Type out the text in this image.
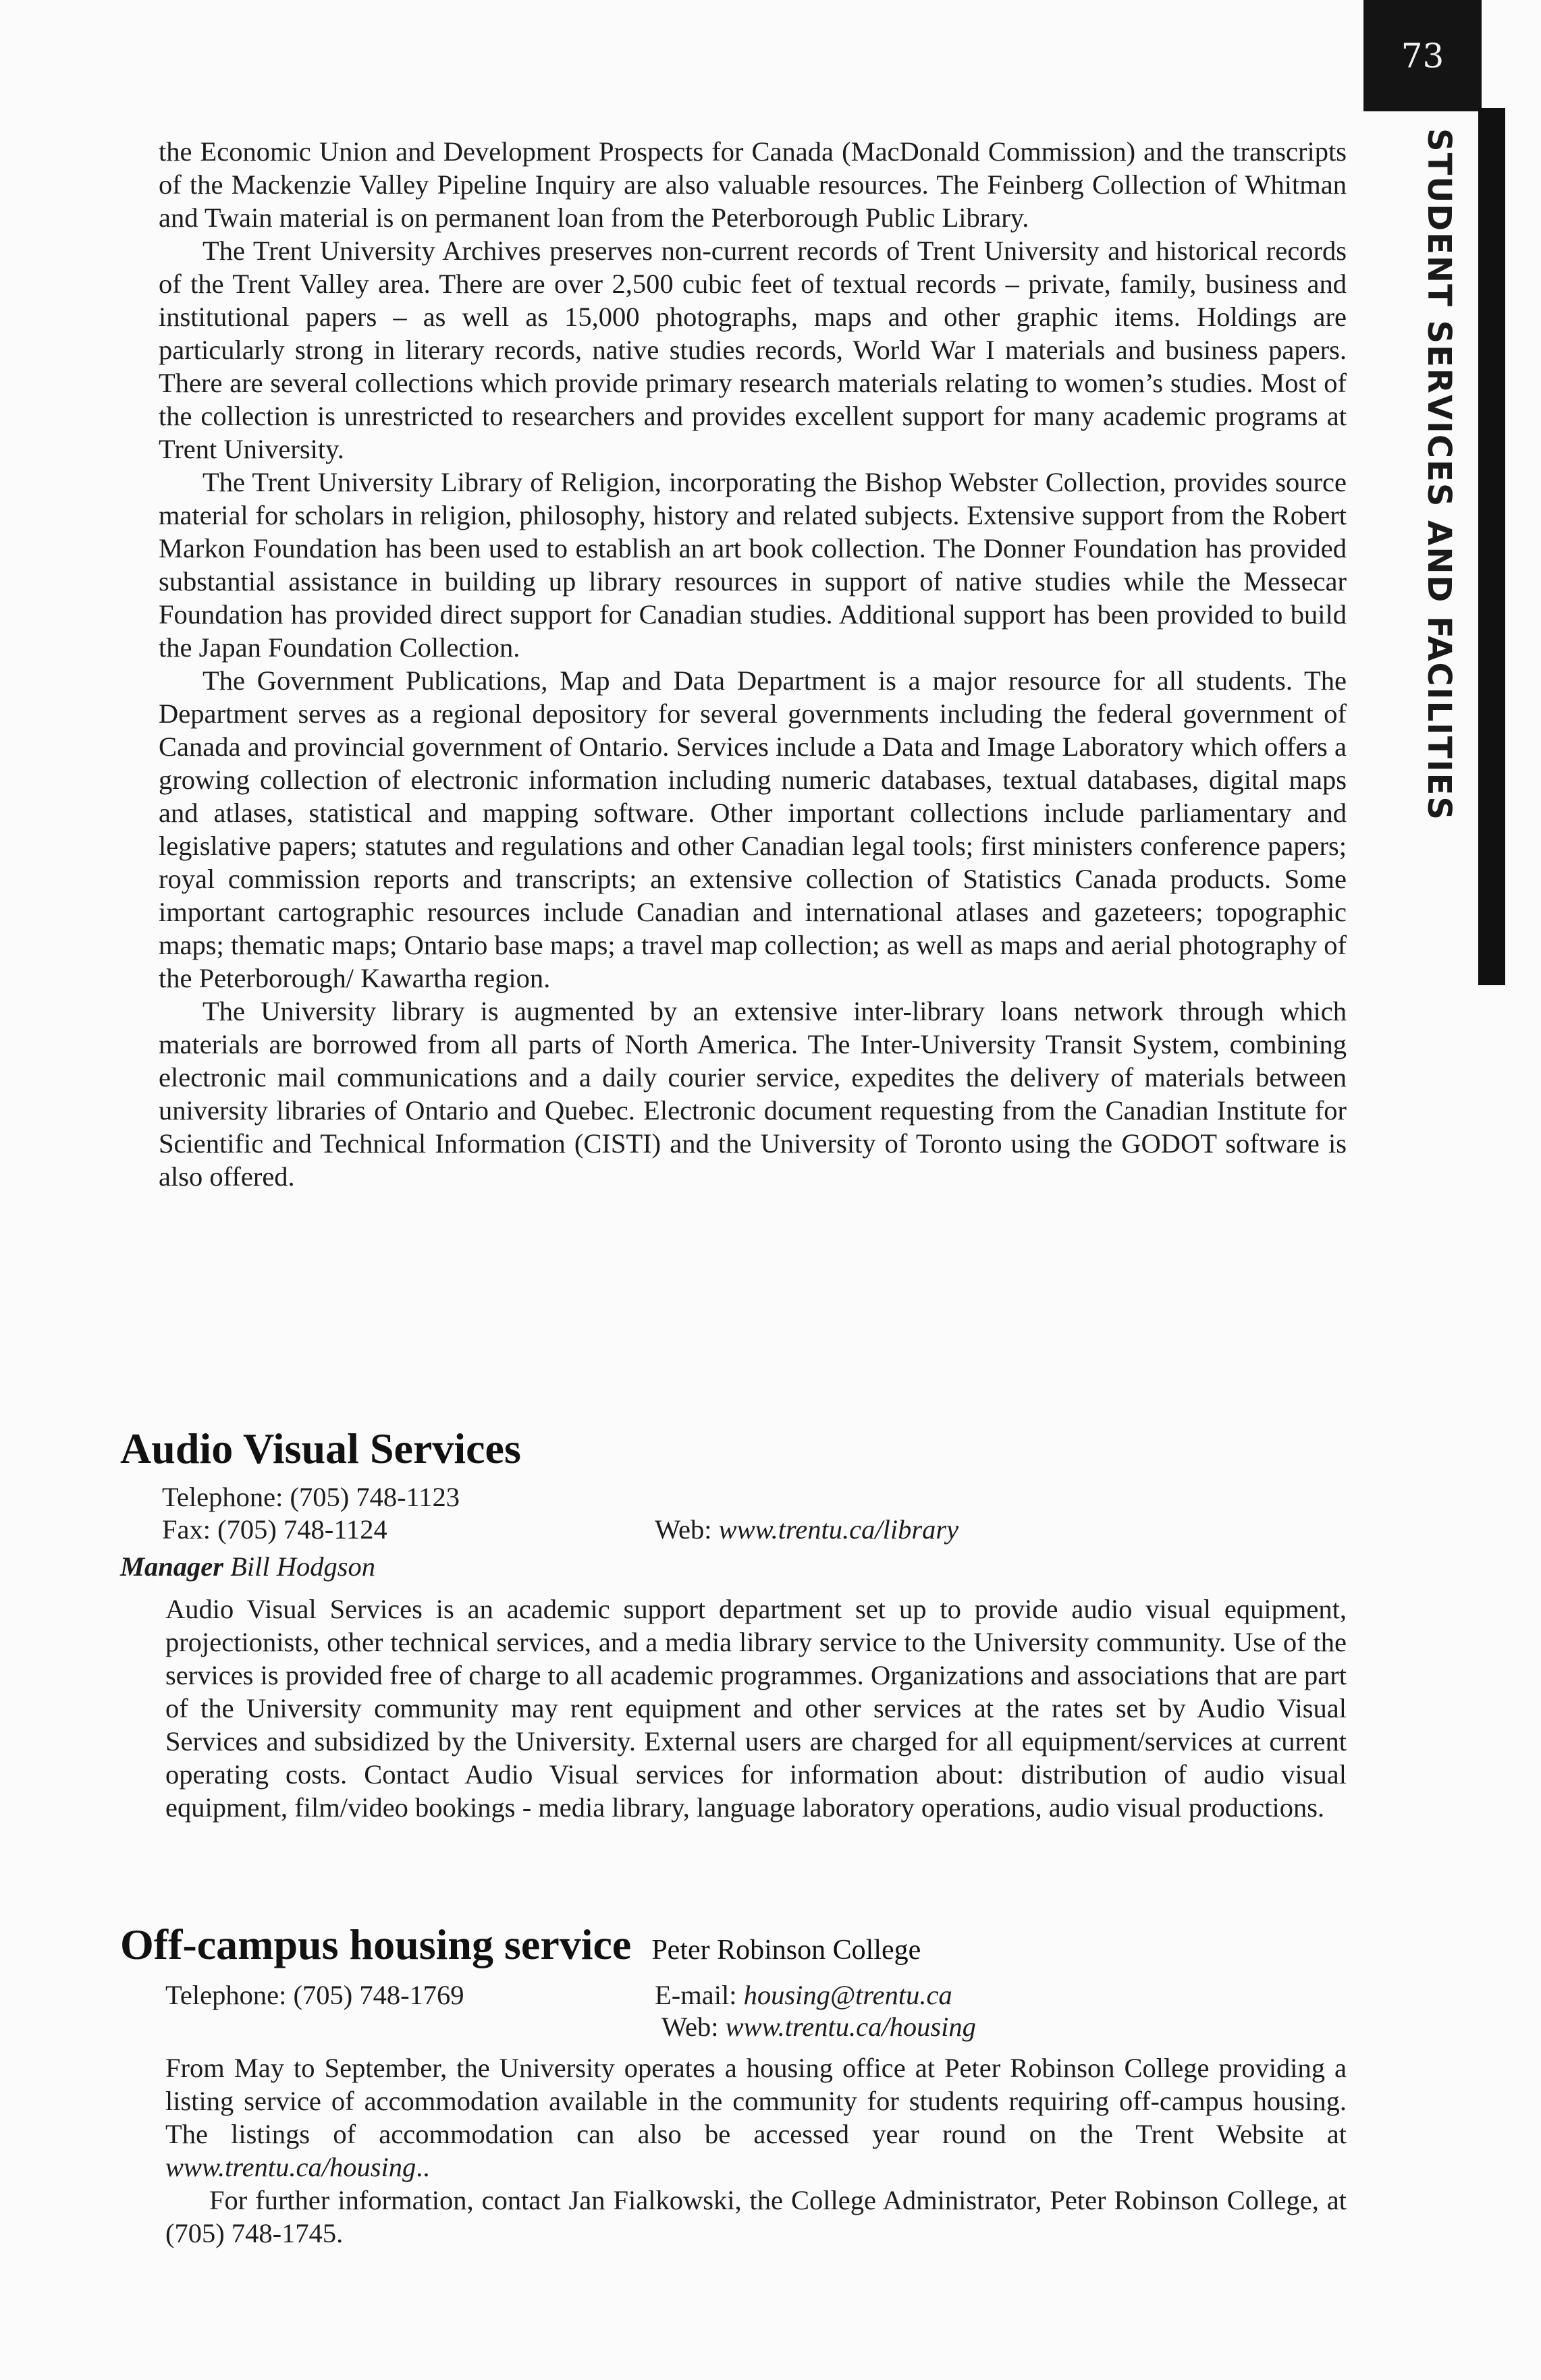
73
STUDENT SERVICES AND FACILITIES

the Economic Union and Development Prospects for Canada (MacDonald Commission) and the transcripts of the Mackenzie Valley Pipeline Inquiry are also valuable resources. The Feinberg Collection of Whitman and Twain material is on permanent loan from the Peterborough Public Library.

The Trent University Archives preserves non-current records of Trent University and historical records of the Trent Valley area. There are over 2,500 cubic feet of textual records – private, family, business and institutional papers – as well as 15,000 photographs, maps and other graphic items. Holdings are particularly strong in literary records, native studies records, World War I materials and business papers. There are several collections which provide primary research materials relating to women’s studies. Most of the collection is unrestricted to researchers and provides excellent support for many academic programs at Trent University.

The Trent University Library of Religion, incorporating the Bishop Webster Collection, provides source material for scholars in religion, philosophy, history and related subjects. Extensive support from the Robert Markon Foundation has been used to establish an art book collection. The Donner Foundation has provided substantial assistance in building up library resources in support of native studies while the Messecar Foundation has provided direct support for Canadian studies. Additional support has been provided to build the Japan Foundation Collection.

The Government Publications, Map and Data Department is a major resource for all students. The Department serves as a regional depository for several governments including the federal government of Canada and provincial government of Ontario. Services include a Data and Image Laboratory which offers a growing collection of electronic information including numeric databases, textual databases, digital maps and atlases, statistical and mapping software. Other important collections include parliamentary and legislative papers; statutes and regulations and other Canadian legal tools; first ministers conference papers; royal commission reports and transcripts; an extensive collection of Statistics Canada products. Some important cartographic resources include Canadian and international atlases and gazeteers; topographic maps; thematic maps; Ontario base maps; a travel map collection; as well as maps and aerial photography of the Peterborough/ Kawartha region.

The University library is augmented by an extensive inter-library loans network through which materials are borrowed from all parts of North America. The Inter-University Transit System, combining electronic mail communications and a daily courier service, expedites the delivery of materials between university libraries of Ontario and Quebec. Electronic document requesting from the Canadian Institute for Scientific and Technical Information (CISTI) and the University of Toronto using the GODOT software is also offered.

Audio Visual Services
Telephone: (705) 748-1123
Fax: (705) 748-1124	Web: www.trentu.ca/library
Manager Bill Hodgson

Audio Visual Services is an academic support department set up to provide audio visual equipment, projectionists, other technical services, and a media library service to the University community. Use of the services is provided free of charge to all academic programmes. Organizations and associations that are part of the University community may rent equipment and other services at the rates set by Audio Visual Services and subsidized by the University. External users are charged for all equipment/services at current operating costs. Contact Audio Visual services for information about: distribution of audio visual equipment, film/video bookings - media library, language laboratory operations, audio visual productions.

Off-campus housing service Peter Robinson College
Telephone: (705) 748-1769	E-mail: housing@trentu.ca
Web: www.trentu.ca/housing

From May to September, the University operates a housing office at Peter Robinson College providing a listing service of accommodation available in the community for students requiring off-campus housing. The listings of accommodation can also be accessed year round on the Trent Website at www.trentu.ca/housing..

For further information, contact Jan Fialkowski, the College Administrator, Peter Robinson College, at (705) 748-1745.
